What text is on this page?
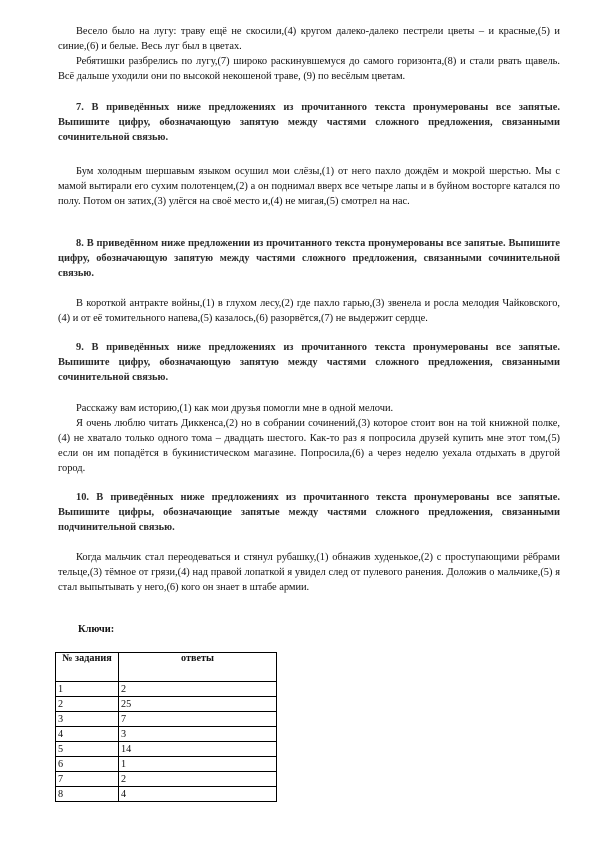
Весело было на лугу: траву ещё не скосили,(4) кругом далеко-далеко пестрели цветы – и красные,(5) и синие,(6) и белые. Весь луг был в цветах.

Ребятишки разбрелись по лугу,(7) широко раскинувшемуся до самого горизонта,(8) и стали рвать щавель. Всё дальше уходили они по высокой некошеной траве, (9) по весёлым цветам.

7. В приведённых ниже предложениях из прочитанного текста пронумерованы все запятые. Выпишите цифру, обозначающую запятую между частями сложного предложения, связанными сочинительной связью.

Бум холодным шершавым языком осушил мои слёзы,(1) от него пахло дождём и мокрой шерстью. Мы с мамой вытирали его сухим полотенцем,(2) а он поднимал вверх все четыре лапы и в буйном восторге катался по полу. Потом он затих,(3) улёгся на своё место и,(4) не мигая,(5) смотрел на нас.

8. В приведённом ниже предложении из прочитанного текста пронумерованы все запятые. Выпишите цифру, обозначающую запятую между частями сложного предложения, связанными сочинительной связью.

В короткой антракте войны,(1) в глухом лесу,(2) где пахло гарью,(3) звенела и росла мелодия Чайковского,(4) и от её томительного напева,(5) казалось,(6) разорвётся,(7) не выдержит сердце.

9. В приведённых ниже предложениях из прочитанного текста пронумерованы все запятые. Выпишите цифру, обозначающую запятую между частями сложного предложения, связанными сочинительной связью.

Расскажу вам историю,(1) как мои друзья помогли мне в одной мелочи.

Я очень люблю читать Диккенса,(2) но в собрании сочинений,(3) которое стоит вон на той книжной полке,(4) не хватало только одного тома – двадцать шестого. Как-то раз я попросила друзей купить мне этот том,(5) если он им попадётся в букинистическом магазине. Попросила,(6) а через неделю уехала отдыхать в другой город.

10. В приведённых ниже предложениях из прочитанного текста пронумерованы все запятые. Выпишите цифры, обозначающие запятые между частями сложного предложения, связанными подчинительной связью.

Когда мальчик стал переодеваться и стянул рубашку,(1) обнажив худенькое,(2) с проступающими рёбрами тельце,(3) тёмное от грязи,(4) над правой лопаткой я увидел след от пулевого ранения. Доложив о мальчике,(5) я стал выпытывать у него,(6) кого он знает в штабе армии.

Ключи:
№ задания	ответы
1	2
2	25
3	7
4	3
5	14
6	1
7	2
8	4
